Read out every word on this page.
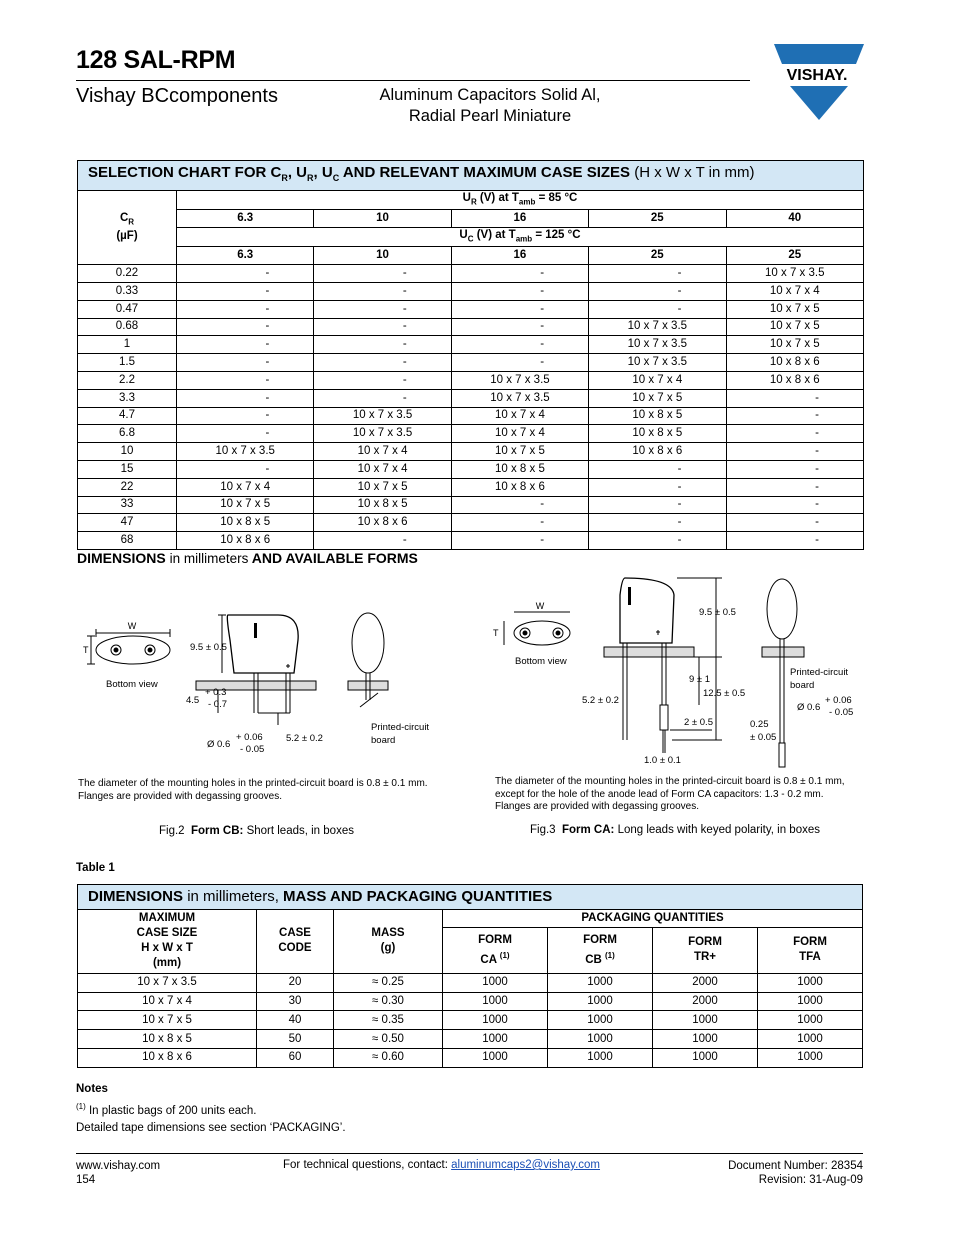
128 SAL-RPM
Vishay BCcomponents	Aluminum Capacitors Solid Al,
Radial Pearl Miniature
VISHAY.
SELECTION CHART FOR $C_R$, $U_R$, $U_C$ AND RELEVANT MAXIMUM CASE SIZES (H x W x T in mm)					
$C_R$
(µF)	$U_R$ (V) at $T_{amb} = 85$ °C				
	6.3	10	16	25	40
	$U_C$ (V) at $T_{amb} = 125$ °C				
	6.3	10	16	25	25
0.22	-	-	-	-	10 x 7 x 3.5
0.33	-	-	-	-	10 x 7 x 4
0.47	-	-	-	-	10 x 7 x 5
0.68	-	-	-	10 x 7 x 3.5	10 x 7 x 5
1	-	-	-	10 x 7 x 3.5	10 x 7 x 5
1.5	-	-	-	10 x 7 x 3.5	10 x 8 x 6
2.2	-	-	10 x 7 x 3.5	10 x 7 x 4	10 x 8 x 6
3.3	-	-	10 x 7 x 3.5	10 x 7 x 5	-
4.7	-	10 x 7 x 3.5	10 x 7 x 4	10 x 8 x 5	-
6.8	-	10 x 7 x 3.5	10 x 7 x 4	10 x 8 x 5	-
10	10 x 7 x 3.5	10 x 7 x 4	10 x 7 x 5	10 x 8 x 6	-
15	-	10 x 7 x 4	10 x 8 x 5	-	-
22	10 x 7 x 4	10 x 7 x 5	10 x 8 x 6	-	-
33	10 x 7 x 5	10 x 8 x 5	-	-	-
47	10 x 8 x 5	10 x 8 x 6	-	-	-
68	10 x 8 x 6	-	-	-	-
DIMENSIONS in millimeters AND AVAILABLE FORMS
W
T
Bottom view
9.5 ± 0.5
+ 0.3
4.5 - 0.7
Ø 0.6
+ 0.06
- 0.05
5.2 ± 0.2
Printed-circuit
board
The diameter of the mounting holes in the printed-circuit board is 0.8 ± 0.1 mm.
Flanges are provided with degassing grooves.
Fig.2 Form CB: Short leads, in boxes
W
T
Bottom view
9.5 ± 0.5
5.2 ± 0.2
9 ± 1
12.5 ± 0.5
2 ± 0.5
1.0 ± 0.1
Printed-circuit
board
Ø 0.6
+ 0.06
- 0.05
0.25
± 0.05
The diameter of the mounting holes in the printed-circuit board is 0.8 ± 0.1 mm,
except for the hole of the anode lead of Form CA capacitors: 1.3 - 0.2 mm.
Flanges are provided with degassing grooves.
Fig.3 Form CA: Long leads with keyed polarity, in boxes
Table 1
DIMENSIONS in millimeters, MASS AND PACKAGING QUANTITIES						
MAXIMUM
CASE SIZE
H x W x T
(mm)	CASE
CODE	MASS
(g)	PACKAGING QUANTITIES			
			FORM
CA $^{(1)}$	FORM
CB $^{(1)}$	FORM
TR+	FORM
TFA
10 x 7 x 3.5	20	≈ 0.25	1000	1000	2000	1000
10 x 7 x 4	30	≈ 0.30	1000	1000	2000	1000
10 x 7 x 5	40	≈ 0.35	1000	1000	1000	1000
10 x 8 x 5	50	≈ 0.50	1000	1000	1000	1000
10 x 8 x 6	60	≈ 0.60	1000	1000	1000	1000
Notes
$^{(1)}$ In plastic bags of 200 units each.
Detailed tape dimensions see section ‘PACKAGING’.
www.vishay.com
154
For technical questions, contact: aluminumcaps2@vishay.com	Document Number: 28354
Revision: 31-Aug-09
